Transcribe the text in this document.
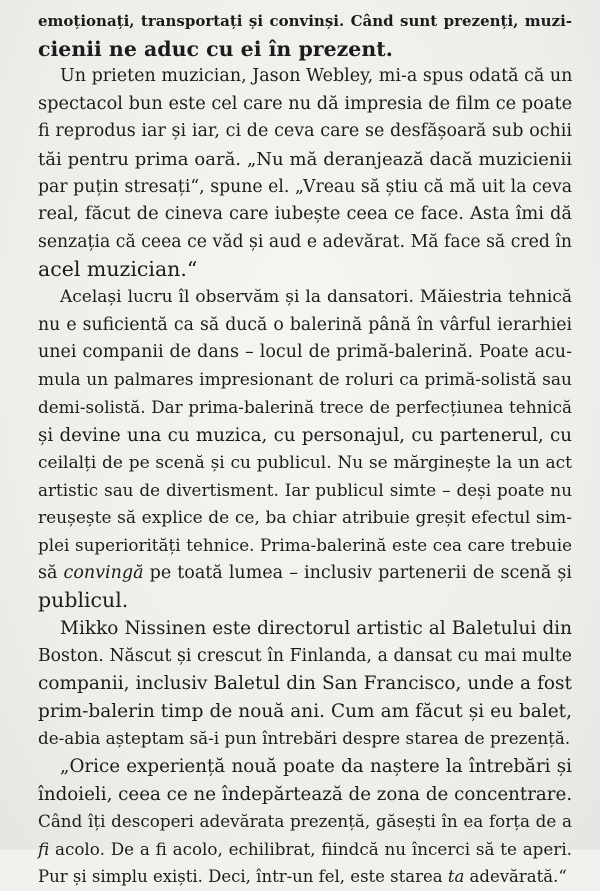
emoționați, transportați și convinși. Când sunt prezenți, muzi-
cienii ne aduc cu ei în prezent.

Un prieten muzician, Jason Webley, mi-a spus odată că un
spectacol bun este cel care nu dă impresia de film ce poate
fi reprodus iar și iar, ci de ceva care se desfășoară sub ochii
tăi pentru prima oară. „Nu mă deranjează dacă muzicienii
par puțin stresați“, spune el. „Vreau să știu că mă uit la ceva
real, făcut de cineva care iubește ceea ce face. Asta îmi dă
senzația că ceea ce văd și aud e adevărat. Mă face să cred în
acel muzician.“

Același lucru îl observăm și la dansatori. Măiestria tehnică
nu e suficientă ca să ducă o balerină până în vârful ierarhiei
unei companii de dans – locul de primă-balerină. Poate acu-
mula un palmares impresionant de roluri ca primă-solistă sau
demi-solistă. Dar prima-balerină trece de perfecțiunea tehnică
și devine una cu muzica, cu personajul, cu partenerul, cu
ceilalți de pe scenă și cu publicul. Nu se mărginește la un act
artistic sau de divertisment. Iar publicul simte – deși poate nu
reușește să explice de ce, ba chiar atribuie greșit efectul sim-
plei superiorități tehnice. Prima-balerină este cea care trebuie
să convingă pe toată lumea – inclusiv partenerii de scenă și
publicul.

Mikko Nissinen este directorul artistic al Baletului din
Boston. Născut și crescut în Finlanda, a dansat cu mai multe
companii, inclusiv Baletul din San Francisco, unde a fost
prim-balerin timp de nouă ani. Cum am făcut și eu balet,
de-abia așteptam să-i pun întrebări despre starea de prezență.

„Orice experiență nouă poate da naștere la întrebări și
îndoieli, ceea ce ne îndepărtează de zona de concentrare.
Când îți descoperi adevărata prezență, găsești în ea forța de a
fi acolo. De a fi acolo, echilibrat, fiindcă nu încerci să te aperi.
Pur și simplu exiști. Deci, într-un fel, este starea ta adevărată.“
